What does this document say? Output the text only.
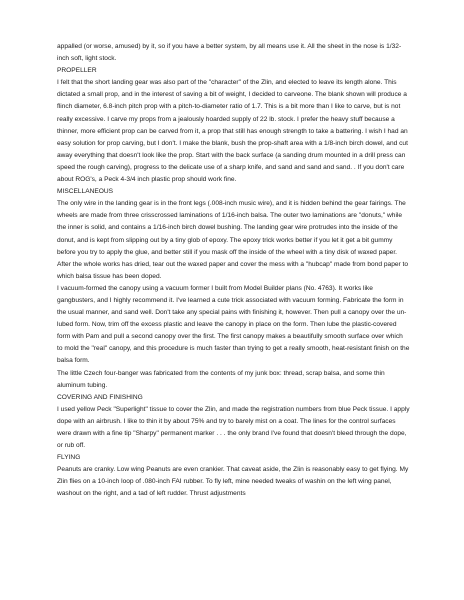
appalled (or worse, amused) by it, so if you have a better system, by all means use it. All the sheet in the nose is 1/32-inch soft, light stock.

PROPELLER

I felt that the short landing gear was also part of the "character" of the Zlin, and elected to leave its length alone. This dictated a small prop, and in the interest of saving a bit of weight, I decided to carveone. The blank shown will produce a flinch diameter, 6.8-inch pitch prop with a pitch-to-diameter ratio of 1.7. This is a bit more than I like to carve, but is not really excessive. I carve my props from a jealously hoarded supply of 22 lb. stock. I prefer the heavy stuff because a thinner, more efficient prop can be carved from it, a prop that still has enough strength to take a battering. I wish I had an easy solution for prop carving, but I don't. I make the blank, bush the prop-shaft area with a 1/8-inch birch dowel, and cut away everything that doesn't look like the prop. Start with the back surface (a sanding drum mounted in a drill press can speed the rough carving), progress to the delicate use of a sharp knife, and sand and sand and sand. . If you don't care about ROG's, a Peck 4-3/4 inch plastic prop should work fine.

MISCELLANEOUS

The only wire in the landing gear is in the front legs (.008-inch music wire), and it is hidden behind the gear fairings. The wheels are made from three crisscrossed laminations of 1/16-inch balsa. The outer two laminations are "donuts," while the inner is solid, and contains a 1/16-inch birch dowel bushing. The landing gear wire protrudes into the inside of the donut, and is kept from slipping out by a tiny glob of epoxy. The epoxy trick works better if you let it get a bit gummy before you try to apply the glue, and better still if you mask off the inside of the wheel with a tiny disk of waxed paper. After the whole works has dried, tear out the waxed paper and cover the mess with a "hubcap" made from bond paper to which balsa tissue has been doped.

I vacuum-formed the canopy using a vacuum former I built from Model Builder plans (No. 4763). It works like gangbusters, and I highly recommend it. I've learned a cute trick associated with vacuum forming. Fabricate the form in the usual manner, and sand well. Don't take any special pains with finishing it, however. Then pull a canopy over the un-lubed form. Now, trim off the excess plastic and leave the canopy in place on the form. Then lube the plastic-covered form with Pam and pull a second canopy over the first. The first canopy makes a beautifully smooth surface over which to mold the "real" canopy, and this procedure is much faster than trying to get a really smooth, heat-resistant finish on the balsa form.

The little Czech four-banger was fabricated from the contents of my junk box: thread, scrap balsa, and some thin aluminum tubing.

COVERING AND FINISHING

I used yellow Peck "Superlight" tissue to cover the Zlin, and made the registration numbers from blue Peck tissue. I apply dope with an airbrush. I like to thin it by about 75% and try to barely mist on a coat. The lines for the control surfaces were drawn with a fine tip "Sharpy" permanent marker . . . the only brand I've found that doesn't bleed through the dope, or rub off.

FLYING

Peanuts are cranky. Low wing Peanuts are even crankier. That caveat aside, the Zlin is reasonably easy to get flying. My Zlin flies on a 10-inch loop of .080-inch FAI rubber. To fly left, mine needed tweaks of washin on the left wing panel, washout on the right, and a tad of left rudder. Thrust adjustments
